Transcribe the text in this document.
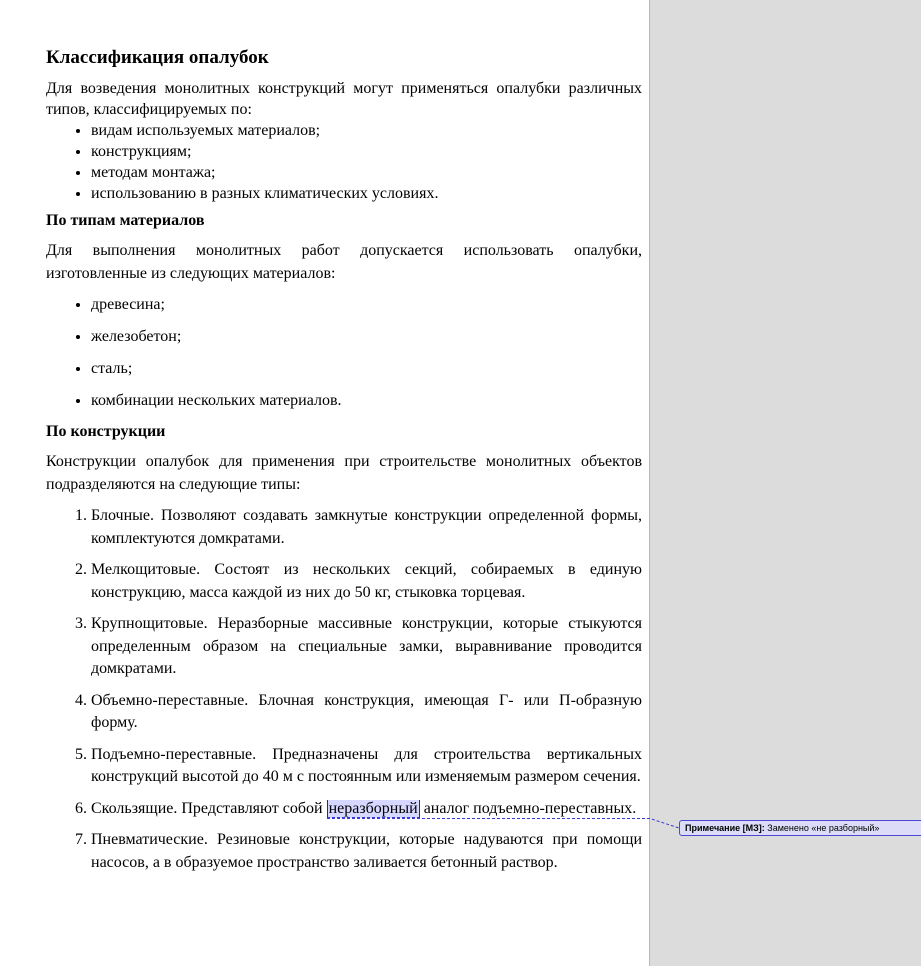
Классификация опалубок

Для возведения монолитных конструкций могут применяться опалубки различных типов, классифицируемых по:

• видам используемых материалов;
• конструкциям;
• методам монтажа;
• использованию в разных климатических условиях.
По типам материалов

Для выполнения монолитных работ допускается использовать опалубки, изготовленные из следующих материалов:

• древесина;
• железобетон;
• сталь;
• комбинации нескольких материалов.
По конструкции

Конструкции опалубок для применения при строительстве монолитных объектов подразделяются на следующие типы:

1. Блочные. Позволяют создавать замкнутые конструкции определенной формы, комплектуются домкратами.
2. Мелкощитовые. Состоят из нескольких секций, собираемых в единую конструкцию, масса каждой из них до 50 кг, стыковка торцевая.
3. Крупнощитовые. Неразборные массивные конструкции, которые стыкуются определенным образом на специальные замки, выравнивание проводится домкратами.
4. Объемно-переставные. Блочная конструкция, имеющая Г- или П-образную форму.
5. Подъемно-переставные. Предназначены для строительства вертикальных конструкций высотой до 40 м с постоянным или изменяемым размером сечения.
6. Скользящие. Представляют собой неразборный аналог подъемно-переставных.
7. Пневматические. Резиновые конструкции, которые надуваются при помощи насосов, а в образуемое пространство заливается бетонный раствор.
Примечание [МЗ]: Заменено «не разборный»
